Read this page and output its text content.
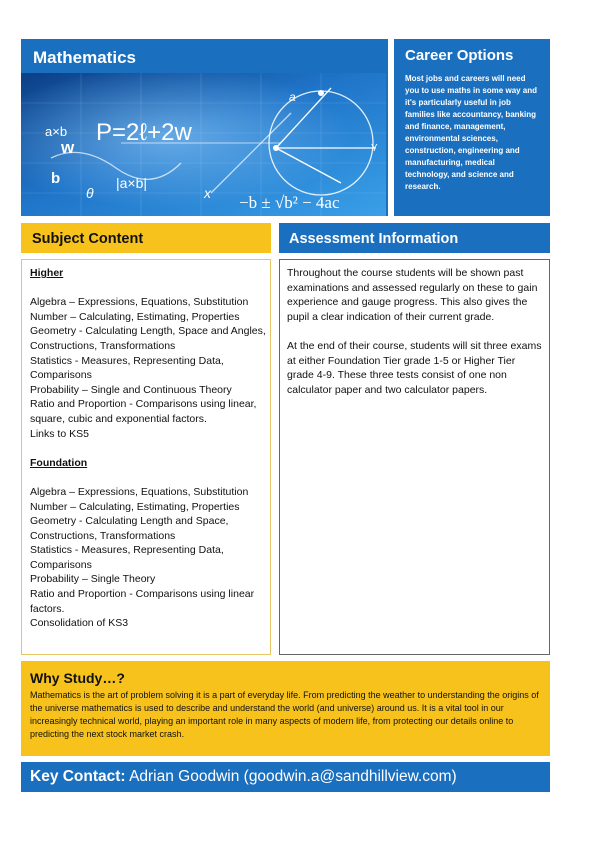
Mathematics
P=2ℓ+2w
a×b
w
b
θ
|a×b|
−b ± √b² − 4ac
x
Y
a
Career Options
Most jobs and careers will need you to use maths in some way and it's particularly useful in job families like accountancy, banking and finance, management, environmental sciences, construction, engineering and manufacturing, medical technology, and science and research.
Subject Content	Assessment Information
Higher
Algebra – Expressions, Equations, Substitution
Number – Calculating, Estimating, Properties
Geometry - Calculating Length, Space and Angles, Constructions, Transformations
Statistics - Measures, Representing Data, Comparisons
Probability – Single and Continuous Theory
Ratio and Proportion - Comparisons using linear, square, cubic and exponential factors.
Links to KS5
Foundation
Algebra – Expressions, Equations, Substitution
Number – Calculating, Estimating, Properties
Geometry - Calculating Length and Space, Constructions, Transformations
Statistics - Measures, Representing Data, Comparisons
Probability – Single Theory
Ratio and Proportion - Comparisons using linear factors.
Consolidation of KS3

Throughout the course students will be shown past examinations and assessed regularly on these to gain experience and gauge progress. This also gives the pupil a clear indication of their current grade.

At the end of their course, students will sit three exams at either Foundation Tier grade 1-5 or Higher Tier grade 4-9. These three tests consist of one non calculator paper and two calculator papers.

Why Study…?
Mathematics is the art of problem solving it is a part of everyday life. From predicting the weather to understanding the origins of the universe mathematics is used to describe and understand the world (and universe) around us. It is a vital tool in our increasingly technical world, playing an important role in many aspects of modern life, from protecting our details online to predicting the next stock market crash.
Key Contact: Adrian Goodwin (goodwin.a@sandhillview.com)
